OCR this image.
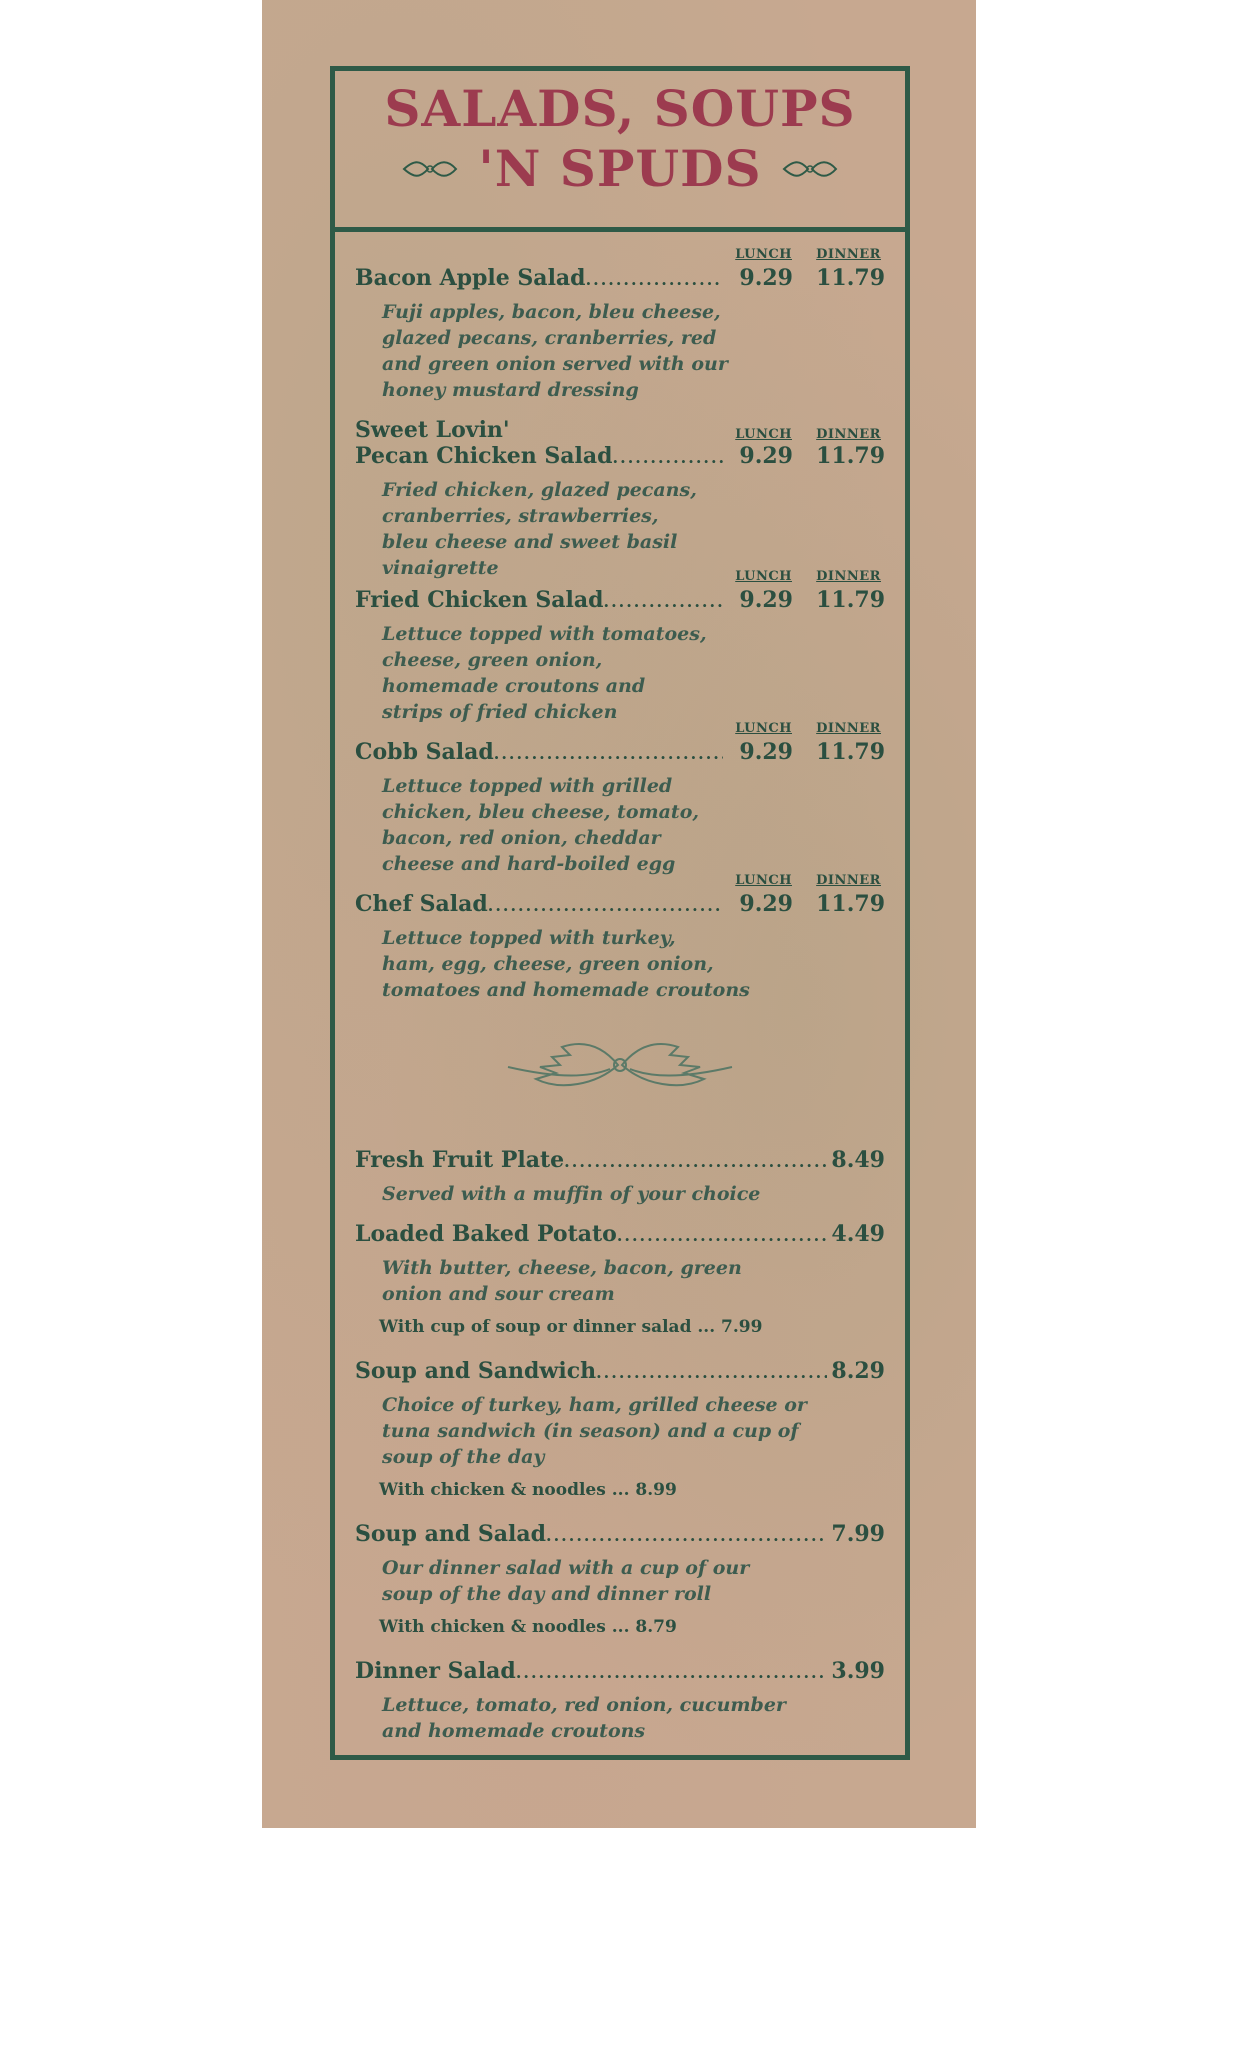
SALADS, SOUPS
'N SPUDS
LUNCH DINNER
Bacon Apple Salad .....	9.29	11.79
Fuji apples, bacon, bleu cheese,
glazed pecans, cranberries, red
and green onion served with our
honey mustard dressing
Sweet Lovin'	LUNCH DINNER
Pecan Chicken Salad .....	9.29	11.79
Fried chicken, glazed pecans,
cranberries, strawberries,
bleu cheese and sweet basil
vinaigrette	LUNCH DINNER
Fried Chicken Salad .....	9.29	11.79
Lettuce topped with tomatoes,
cheese, green onion,
homemade croutons and
strips of fried chicken
LUNCH DINNER
Cobb Salad .....	9.29	11.79
Lettuce topped with grilled
chicken, bleu cheese, tomato,
bacon, red onion, cheddar
cheese and hard-boiled egg
LUNCH DINNER
Chef Salad .....	9.29	11.79
Lettuce topped with turkey,
ham, egg, cheese, green onion,
tomatoes and homemade croutons
Fresh Fruit Plate .....	8.49
Served with a muffin of your choice
Loaded Baked Potato .....	4.49
With butter, cheese, bacon, green
onion and sour cream
With cup of soup or dinner salad ... 7.99
Soup and Sandwich .....	8.29
Choice of turkey, ham, grilled cheese or
tuna sandwich (in season) and a cup of
soup of the day
With chicken & noodles ... 8.99
Soup and Salad .....	7.99
Our dinner salad with a cup of our
soup of the day and dinner roll
With chicken & noodles ... 8.79
Dinner Salad .....	3.99
Lettuce, tomato, red onion, cucumber
and homemade croutons
